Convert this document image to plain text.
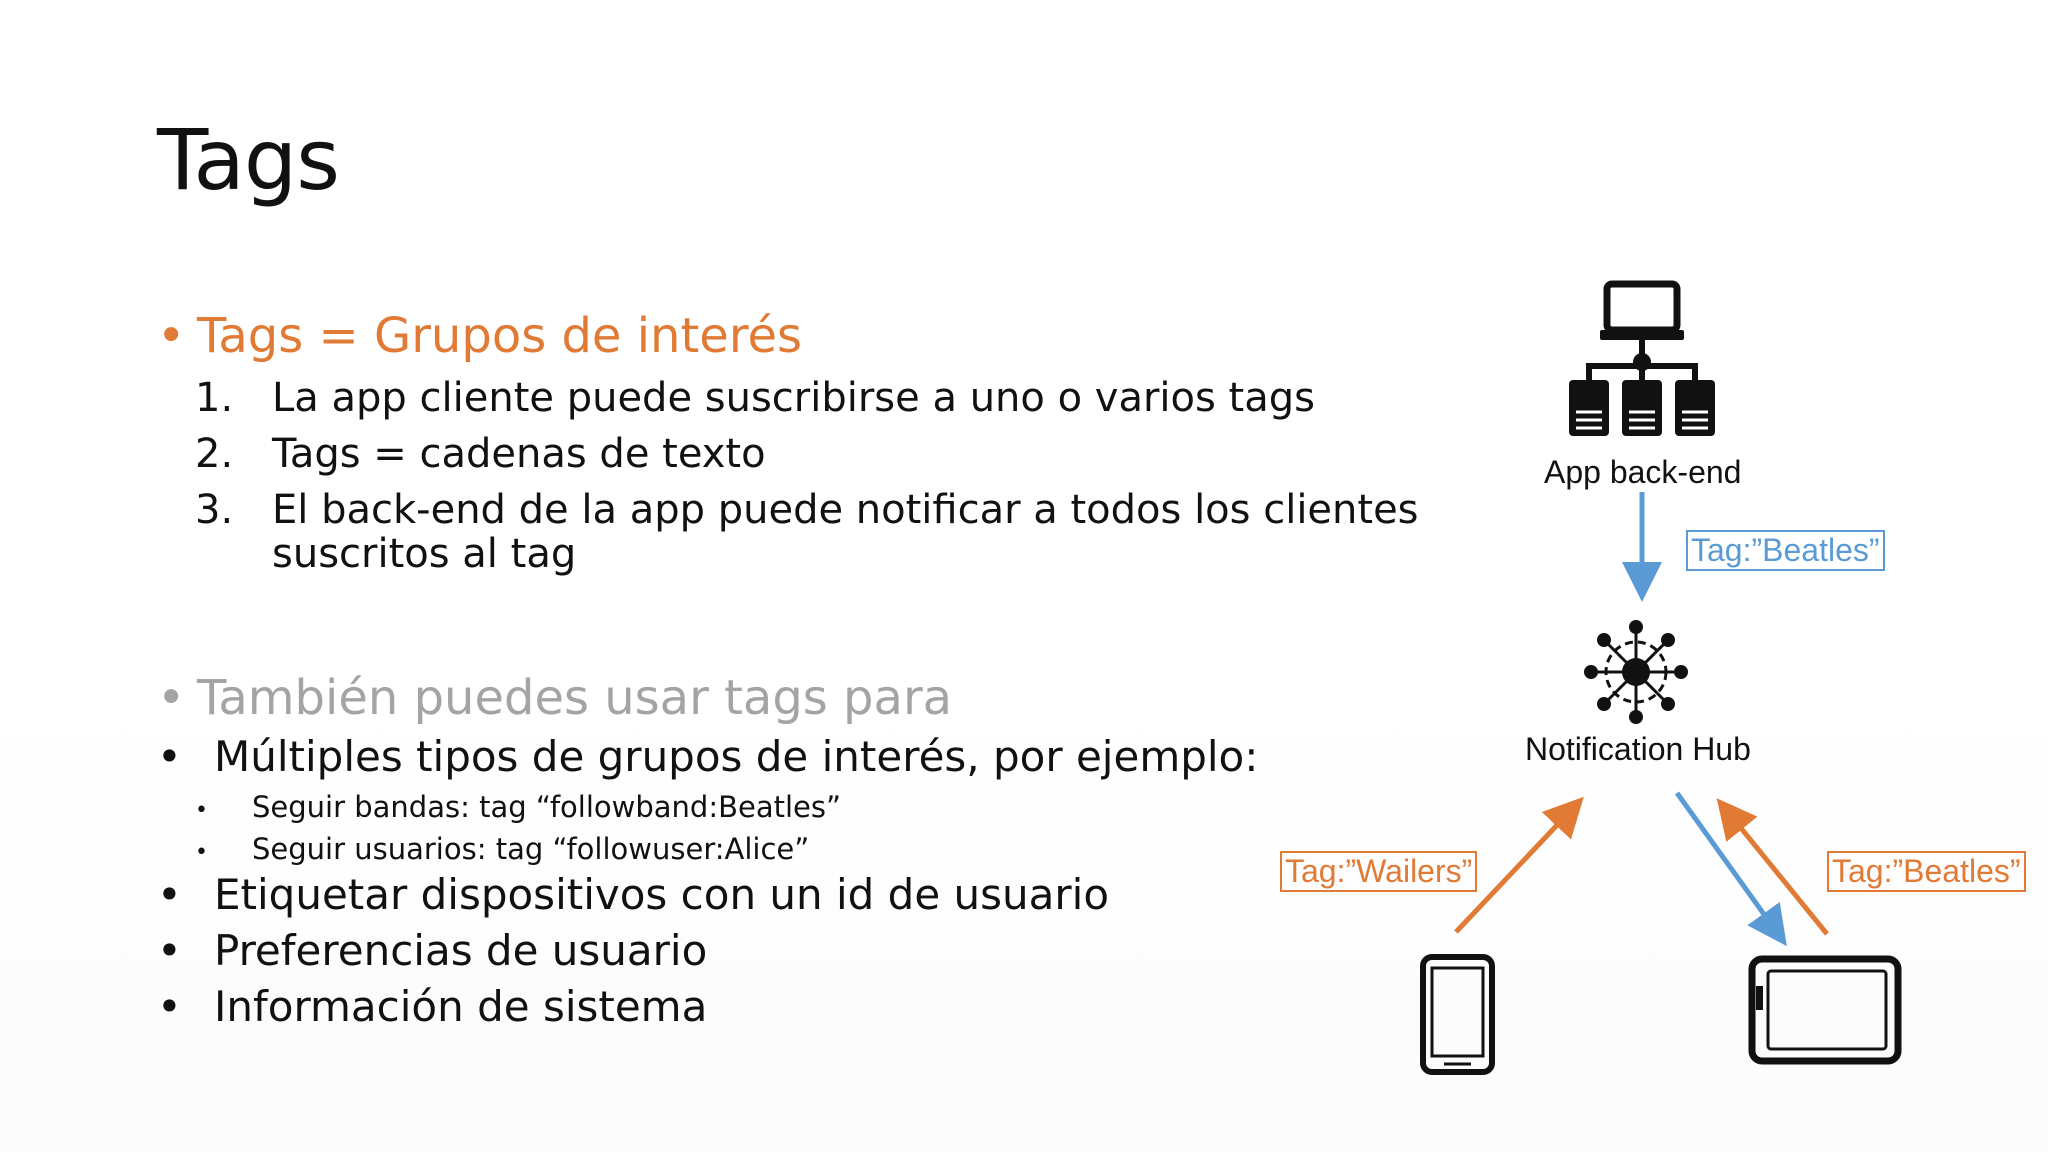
Tags
• Tags = Grupos de interés
1. La app cliente puede suscribirse a uno o varios tags
2. Tags = cadenas de texto
3. El back-end de la app puede notificar a todos los clientes
suscritos al tag
• También puedes usar tags para
• Múltiples tipos de grupos de interés, por ejemplo:
• Seguir bandas: tag “followband:Beatles”
• Seguir usuarios: tag “followuser:Alice”
• Etiquetar dispositivos con un id de usuario
• Preferencias de usuario
• Información de sistema
App back-end
Notification Hub
Tag:”Beatles”
Tag:”Wailers”	Tag:”Beatles”
